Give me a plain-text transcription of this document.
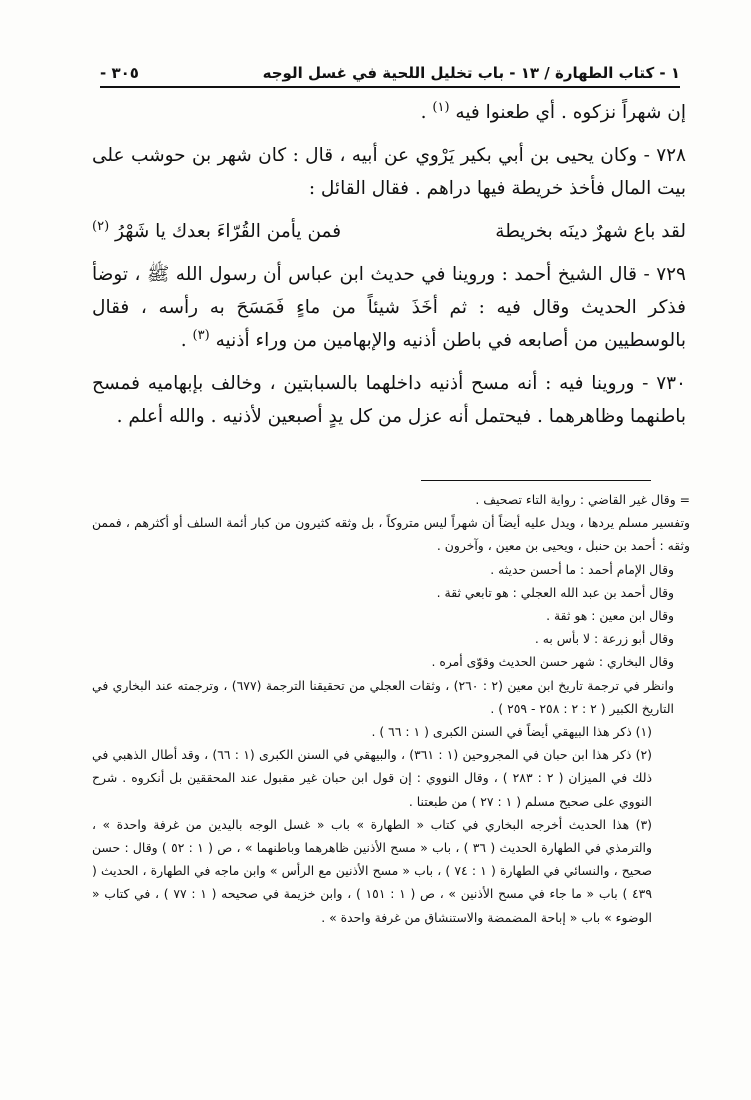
١ - كتاب الطهارة / ١٣ - باب تخليل اللحية في غسل الوجه
- ٣٠٥

إن شهراً نزكوه . أي طعنوا فيه $^{(١)}$ .

٧٢٨ - وكان يحيى بن أبي بكير يَرْوي عن أبيه ، قال : كان شهر بن حوشب على بيت المال فأخذ خريطة فيها دراهم . فقال القائل :

لقد باع شهرٌ دينَه بخريطة
فمن يأمن القُرّاءَ بعدك يا شَهْرُ $^{(٢)}$

٧٢٩ - قال الشيخ أحمد : وروينا في حديث ابن عباس أن رسول الله ﷺ ، توضأ فذكر الحديث وقال فيه : ثم أخَذَ شيئاً من ماءٍ فَمَسَحَ به رأسه ، فقال بالوسطيين من أصابعه في باطن أذنيه والإبهامين من وراء أذنيه $^{(٣)}$ .

٧٣٠ - وروينا فيه : أنه مسح أذنيه داخلهما بالسبابتين ، وخالف بإبهاميه فمسح باطنهما وظاهرهما . فيحتمل أنه عزل من كل يدٍ أصبعين لأذنيه . والله أعلم .

= وقال غير القاضي : رواية التاء تصحيف .

وتفسير مسلم يردها ، ويدل عليه أيضاً أن شهراً ليس متروكاً ، بل وثقه كثيرون من كبار أئمة السلف أو أكثرهم ، فممن وثقه : أحمد بن حنبل ، ويحيى بن معين ، وآخرون .

وقال الإمام أحمد : ما أحسن حديثه .

وقال أحمد بن عبد الله العجلي : هو تابعي ثقة .

وقال ابن معين : هو ثقة .

وقال أبو زرعة : لا بأس به .

وقال البخاري : شهر حسن الحديث وقوّى أمره .

وانظر في ترجمة تاريخ ابن معين (٢ : ٢٦٠) ، وثقات العجلي من تحقيقنا الترجمة (٦٧٧) ، وترجمته عند البخاري في التاريخ الكبير ( ٢ : ٢ : ٢٥٨ - ٢٥٩ ) .

(١) ذكر هذا البيهقي أيضاً في السنن الكبرى ( ١ : ٦٦ ) .

(٢) ذكر هذا ابن حبان في المجروحين (١ : ٣٦١) ، والبيهقي في السنن الكبرى (١ : ٦٦) ، وقد أطال الذهبي في ذلك في الميزان ( ٢ : ٢٨٣ ) ، وقال النووي : إن قول ابن حبان غير مقبول عند المحققين بل أنكروه . شرح النووي على صحيح مسلم ( ١ : ٢٧ ) من طبعتنا .

(٣) هذا الحديث أخرجه البخاري في كتاب « الطهارة » باب « غسل الوجه باليدين من غرفة واحدة » ، والترمذي في الطهارة الحديث ( ٣٦ ) ، باب « مسح الأذنين ظاهرهما وباطنهما » ، ص ( ١ : ٥٢ ) وقال : حسن صحيح ، والنسائي في الطهارة ( ١ : ٧٤ ) ، باب « مسح الأذنين مع الرأس » وابن ماجه في الطهارة ، الحديث ( ٤٣٩ ) باب « ما جاء في مسح الأذنين » ، ص ( ١ : ١٥١ ) ، وابن خزيمة في صحيحه ( ١ : ٧٧ ) ، في كتاب « الوضوء » باب « إباحة المضمضة والاستنشاق من غرفة واحدة » .
